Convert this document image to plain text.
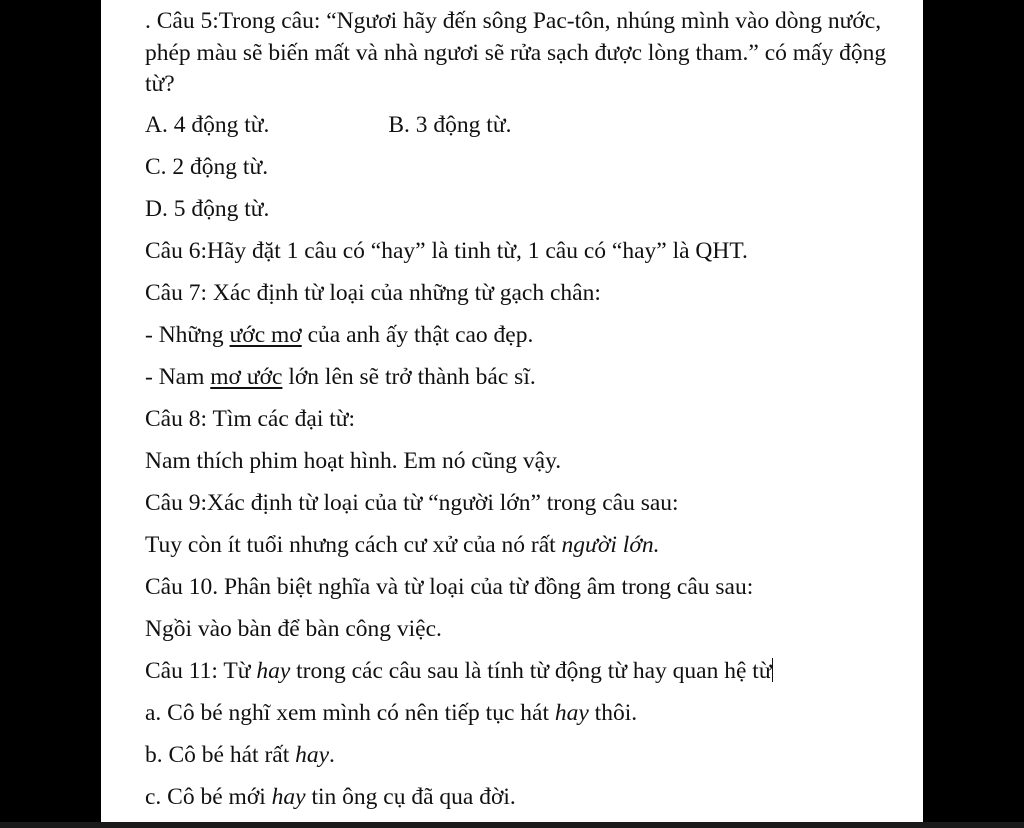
. Câu 5:Trong câu: “Ngươi hãy đến sông Pac-tôn, nhúng mình vào dòng nước, phép màu sẽ biến mất và nhà ngươi sẽ rửa sạch được lòng tham.” có mấy động từ?

A. 4 động từ.	B. 3 động từ.

C. 2 động từ.

D. 5 động từ.

Câu 6:Hãy đặt 1 câu có “hay” là tinh từ, 1 câu có “hay” là QHT.

Câu 7: Xác định từ loại của những từ gạch chân:

- Những ước mơ của anh ấy thật cao đẹp.

- Nam mơ ước lớn lên sẽ trở thành bác sĩ.

Câu 8: Tìm các đại từ:

Nam thích phim hoạt hình. Em nó cũng vậy.

Câu 9:Xác định từ loại của từ “người lớn” trong câu sau:

Tuy còn ít tuổi nhưng cách cư xử của nó rất người lớn.

Câu 10. Phân biệt nghĩa và từ loại của từ đồng âm trong câu sau:

Ngồi vào bàn để bàn công việc.

Câu 11: Từ hay trong các câu sau là tính từ động từ hay quan hệ từ

a. Cô bé nghĩ xem mình có nên tiếp tục hát hay thôi.

b. Cô bé hát rất hay.

c. Cô bé mới hay tin ông cụ đã qua đời.
